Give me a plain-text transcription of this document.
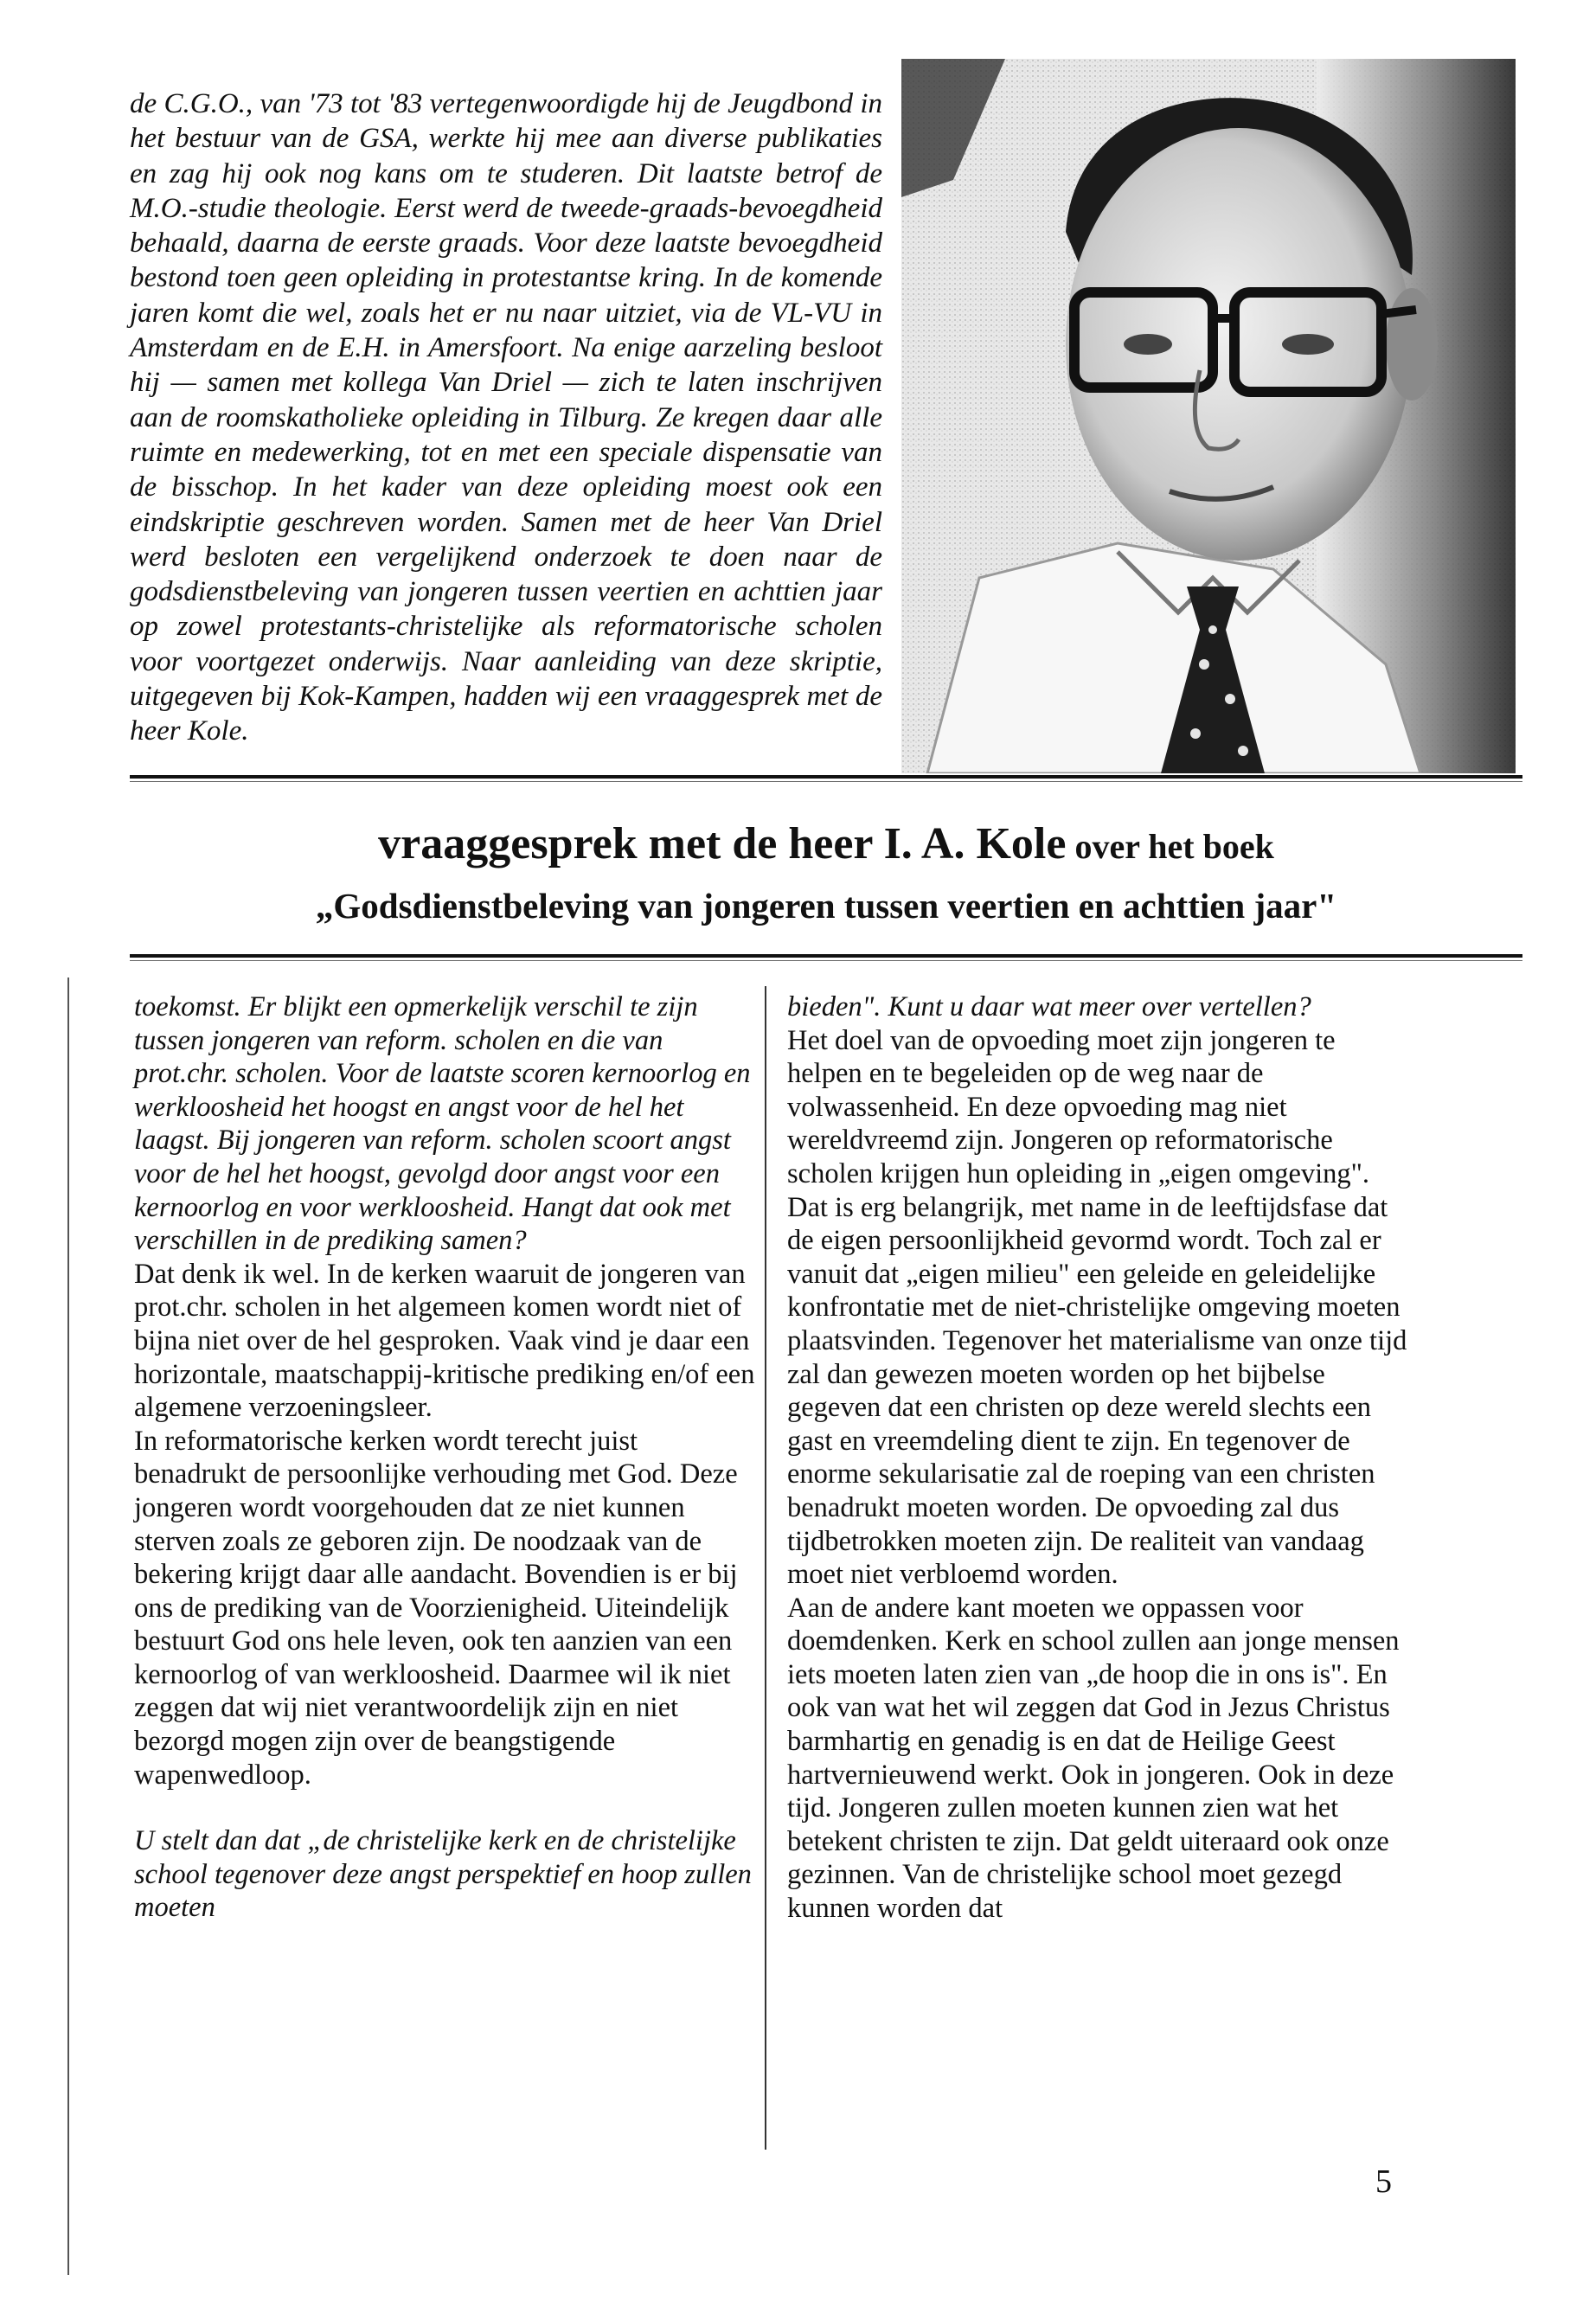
de C.G.O., van '73 tot '83 vertegenwoordigde hij de Jeugdbond in het bestuur van de GSA, werkte hij mee aan diverse publikaties en zag hij ook nog kans om te studeren. Dit laatste betrof de M.O.-studie theologie. Eerst werd de tweede-graads-bevoegdheid behaald, daarna de eerste graads. Voor deze laatste bevoegdheid bestond toen geen opleiding in protestantse kring. In de komende jaren komt die wel, zoals het er nu naar uitziet, via de VL-VU in Amsterdam en de E.H. in Amersfoort. Na enige aarzeling besloot hij — samen met kollega Van Driel — zich te laten inschrijven aan de roomskatholieke opleiding in Tilburg. Ze kregen daar alle ruimte en medewerking, tot en met een speciale dispensatie van de bisschop. In het kader van deze opleiding moest ook een eindskriptie geschreven worden. Samen met de heer Van Driel werd besloten een vergelijkend onderzoek te doen naar de godsdienstbeleving van jongeren tussen veertien en achttien jaar op zowel protestants-christelijke als reformatorische scholen voor voortgezet onderwijs. Naar aanleiding van deze skriptie, uitgegeven bij Kok-Kampen, hadden wij een vraaggesprek met de heer Kole.

vraaggesprek met de heer I. A. Kole over het boek
„Godsdienstbeleving van jongeren tussen veertien en achttien jaar"

toekomst. Er blijkt een opmerkelijk verschil te zijn tussen jongeren van reform. scholen en die van prot.chr. scholen. Voor de laatste scoren kernoorlog en werkloosheid het hoogst en angst voor de hel het laagst. Bij jongeren van reform. scholen scoort angst voor de hel het hoogst, gevolgd door angst voor een kernoorlog en voor werkloosheid. Hangt dat ook met verschillen in de prediking samen?

Dat denk ik wel. In de kerken waaruit de jongeren van prot.chr. scholen in het algemeen komen wordt niet of bijna niet over de hel gesproken. Vaak vind je daar een horizontale, maatschappij-kritische prediking en/of een algemene verzoeningsleer.

In reformatorische kerken wordt terecht juist benadrukt de persoonlijke verhouding met God. Deze jongeren wordt voorgehouden dat ze niet kunnen sterven zoals ze geboren zijn. De noodzaak van de bekering krijgt daar alle aandacht. Bovendien is er bij ons de prediking van de Voorzienigheid. Uiteindelijk bestuurt God ons hele leven, ook ten aanzien van een kernoorlog of van werkloosheid. Daarmee wil ik niet zeggen dat wij niet verantwoordelijk zijn en niet bezorgd mogen zijn over de beangstigende wapenwedloop.

U stelt dan dat „de christelijke kerk en de christelijke school tegenover deze angst perspektief en hoop zullen moeten

bieden". Kunt u daar wat meer over vertellen?

Het doel van de opvoeding moet zijn jongeren te helpen en te begeleiden op de weg naar de volwassenheid. En deze opvoeding mag niet wereldvreemd zijn. Jongeren op reformatorische scholen krijgen hun opleiding in „eigen omgeving". Dat is erg belangrijk, met name in de leeftijdsfase dat de eigen persoonlijkheid gevormd wordt. Toch zal er vanuit dat „eigen milieu" een geleide en geleidelijke konfrontatie met de niet-christelijke omgeving moeten plaatsvinden. Tegenover het materialisme van onze tijd zal dan gewezen moeten worden op het bijbelse gegeven dat een christen op deze wereld slechts een gast en vreemdeling dient te zijn. En tegenover de enorme sekularisatie zal de roeping van een christen benadrukt moeten worden. De opvoeding zal dus tijdbetrokken moeten zijn. De realiteit van vandaag moet niet verbloemd worden.

Aan de andere kant moeten we oppassen voor doemdenken. Kerk en school zullen aan jonge mensen iets moeten laten zien van „de hoop die in ons is". En ook van wat het wil zeggen dat God in Jezus Christus barmhartig en genadig is en dat de Heilige Geest hartvernieuwend werkt. Ook in jongeren. Ook in deze tijd. Jongeren zullen moeten kunnen zien wat het betekent christen te zijn. Dat geldt uiteraard ook onze gezinnen. Van de christelijke school moet gezegd kunnen worden dat

5
